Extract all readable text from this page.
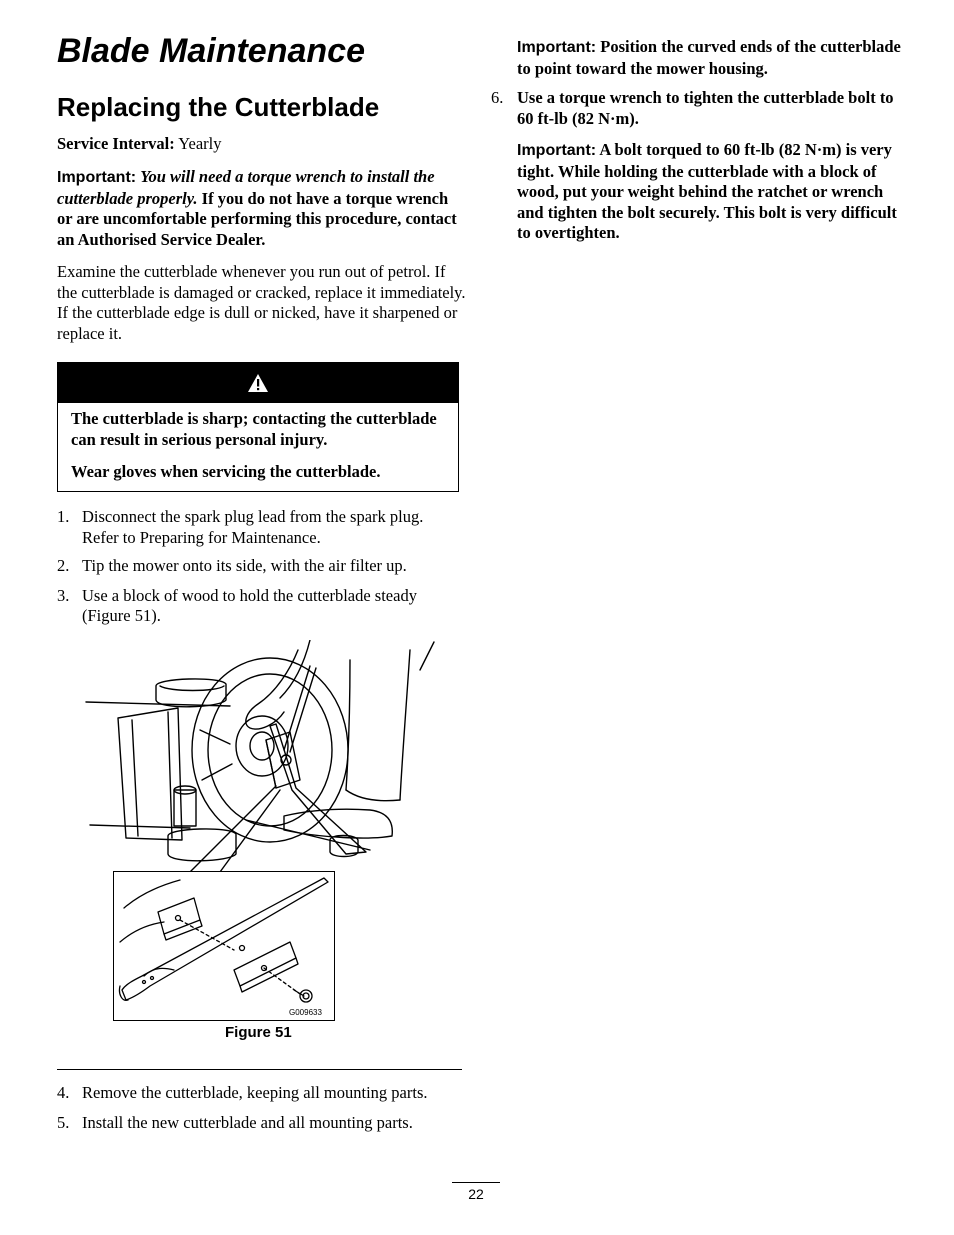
Blade Maintenance
Replacing the Cutterblade

Service Interval: Yearly

Important: You will need a torque wrench to install the cutterblade properly. If you do not have a torque wrench or are uncomfortable performing this procedure, contact an Authorised Service Dealer.

Examine the cutterblade whenever you run out of petrol. If the cutterblade is damaged or cracked, replace it immediately. If the cutterblade edge is dull or nicked, have it sharpened or replace it.

The cutterblade is sharp; contacting the cutterblade can result in serious personal injury.

Wear gloves when servicing the cutterblade.

1. Disconnect the spark plug lead from the spark plug. Refer to Preparing for Maintenance.
2. Tip the mower onto its side, with the air filter up.
3. Use a block of wood to hold the cutterblade steady (Figure 51).
G009633
Figure 51
4. Remove the cutterblade, keeping all mounting parts.
5. Install the new cutterblade and all mounting parts.

Important: Position the curved ends of the cutterblade to point toward the mower housing.

6. Use a torque wrench to tighten the cutterblade bolt to 60 ft-lb (82 N·m).

Important: A bolt torqued to 60 ft-lb (82 N·m) is very tight. While holding the cutterblade with a block of wood, put your weight behind the ratchet or wrench and tighten the bolt securely. This bolt is very difficult to overtighten.

22
